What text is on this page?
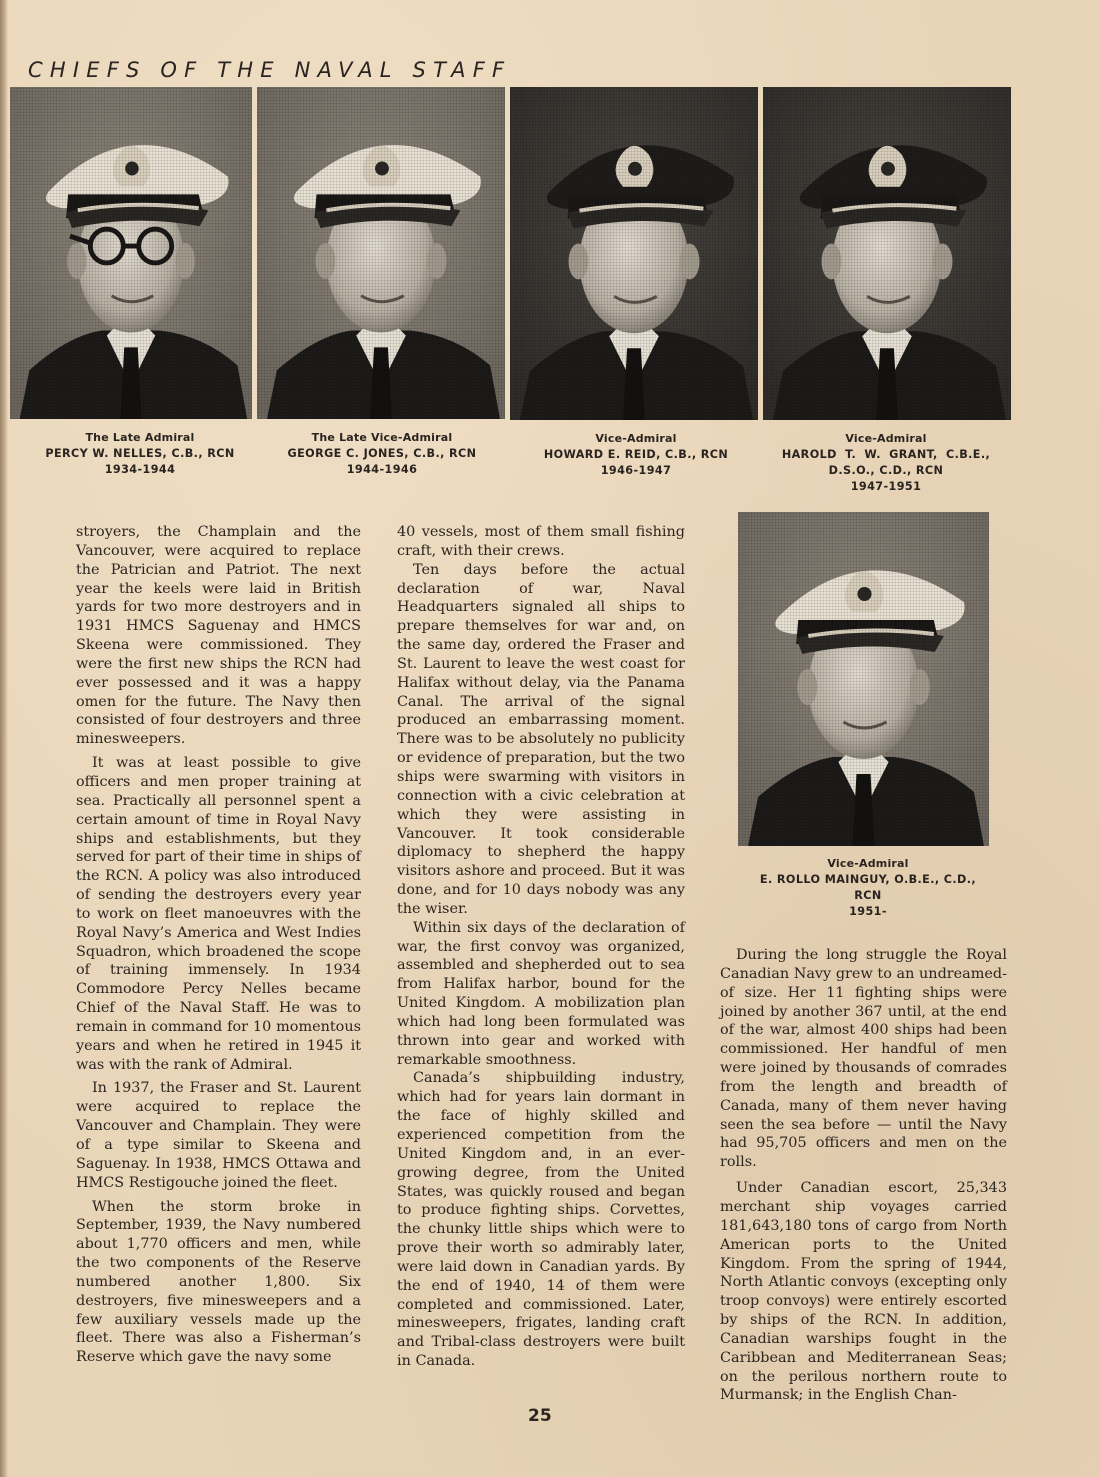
CHIEFS OF THE NAVAL STAFF
The Late Admiral
PERCY W. NELLES, C.B., RCN
1934-1944
The Late Vice-Admiral
GEORGE C. JONES, C.B., RCN
1944-1946
Vice-Admiral
HOWARD E. REID, C.B., RCN
1946-1947
Vice-Admiral
HAROLD T. W. GRANT, C.B.E.,
D.S.O., C.D., RCN
1947-1951
Vice-Admiral
E. ROLLO MAINGUY, O.B.E., C.D.,
RCN
1951-

stroyers, the Champlain and the Vancouver, were acquired to replace the Patrician and Patriot. The next year the keels were laid in British yards for two more destroyers and in 1931 HMCS Saguenay and HMCS Skeena were commissioned. They were the first new ships the RCN had ever possessed and it was a happy omen for the future. The Navy then consisted of four destroyers and three minesweepers.

It was at least possible to give officers and men proper training at sea. Practically all personnel spent a certain amount of time in Royal Navy ships and establishments, but they served for part of their time in ships of the RCN. A policy was also introduced of sending the destroyers every year to work on fleet manoeuvres with the Royal Navy’s America and West Indies Squadron, which broadened the scope of training immensely. In 1934 Commodore Percy Nelles became Chief of the Naval Staff. He was to remain in command for 10 momentous years and when he retired in 1945 it was with the rank of Admiral.

In 1937, the Fraser and St. Laurent were acquired to replace the Vancouver and Champlain. They were of a type similar to Skeena and Saguenay. In 1938, HMCS Ottawa and HMCS Restigouche joined the fleet.

When the storm broke in September, 1939, the Navy numbered about 1,770 officers and men, while the two components of the Reserve numbered another 1,800. Six destroyers, five minesweepers and a few auxiliary vessels made up the fleet. There was also a Fisherman’s Reserve which gave the navy some

40 vessels, most of them small fishing craft, with their crews.

Ten days before the actual declaration of war, Naval Headquarters signaled all ships to prepare themselves for war and, on the same day, ordered the Fraser and St. Laurent to leave the west coast for Halifax without delay, via the Panama Canal. The arrival of the signal produced an embarrassing moment. There was to be absolutely no publicity or evidence of preparation, but the two ships were swarming with visitors in connection with a civic celebration at which they were assisting in Vancouver. It took considerable diplomacy to shepherd the happy visitors ashore and proceed. But it was done, and for 10 days nobody was any the wiser.

Within six days of the declaration of war, the first convoy was organized, assembled and shepherded out to sea from Halifax harbor, bound for the United Kingdom. A mobilization plan which had long been formulated was thrown into gear and worked with remarkable smoothness.

Canada’s shipbuilding industry, which had for years lain dormant in the face of highly skilled and experienced competition from the United Kingdom and, in an ever-growing degree, from the United States, was quickly roused and began to produce fighting ships. Corvettes, the chunky little ships which were to prove their worth so admirably later, were laid down in Canadian yards. By the end of 1940, 14 of them were completed and commissioned. Later, minesweepers, frigates, landing craft and Tribal-class destroyers were built in Canada.

During the long struggle the Royal Canadian Navy grew to an undreamed-of size. Her 11 fighting ships were joined by another 367 until, at the end of the war, almost 400 ships had been commissioned. Her handful of men were joined by thousands of comrades from the length and breadth of Canada, many of them never having seen the sea before — until the Navy had 95,705 officers and men on the rolls.

Under Canadian escort, 25,343 merchant ship voyages carried 181,643,180 tons of cargo from North American ports to the United Kingdom. From the spring of 1944, North Atlantic convoys (excepting only troop convoys) were entirely escorted by ships of the RCN. In addition, Canadian warships fought in the Caribbean and Mediterranean Seas; on the perilous northern route to Murmansk; in the English Chan-

25
